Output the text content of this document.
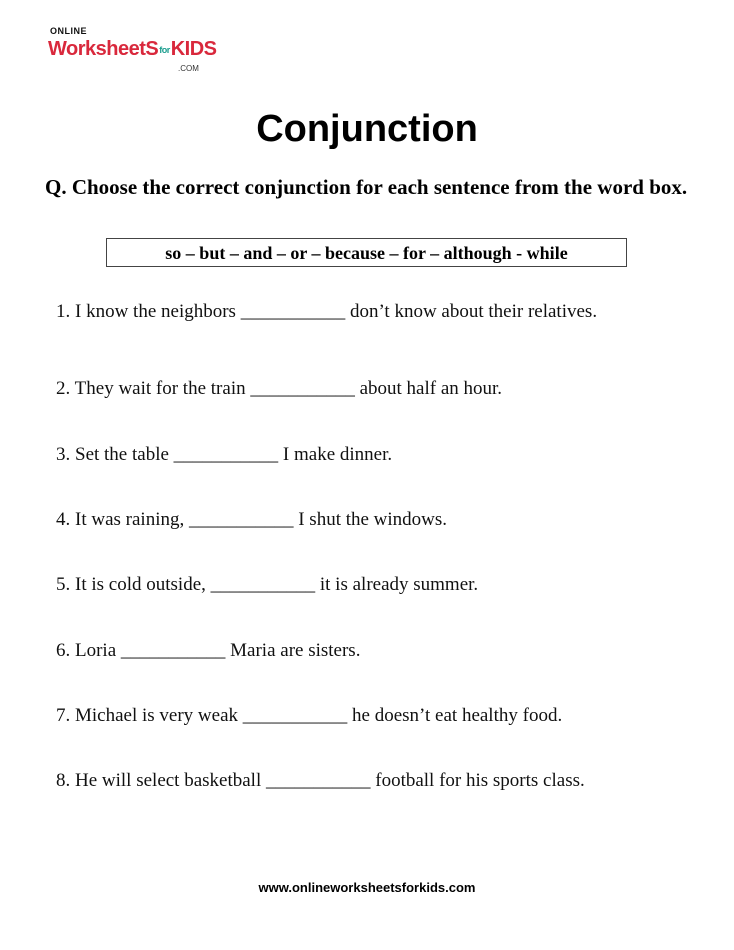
ONLINE
WorksheetSforKIDS
.COM
Conjunction
Q. Choose the correct conjunction for each sentence from the word box.
so – but – and – or – because – for – although - while
1. I know the neighbors ___________ don’t know about their relatives.
2. They wait for the train ___________ about half an hour.
3. Set the table ___________ I make dinner.
4. It was raining, ___________ I shut the windows.
5. It is cold outside, ___________ it is already summer.
6. Loria ___________ Maria are sisters.
7. Michael is very weak ___________ he doesn’t eat healthy food.
8. He will select basketball ___________ football for his sports class.
www.onlineworksheetsforkids.com
